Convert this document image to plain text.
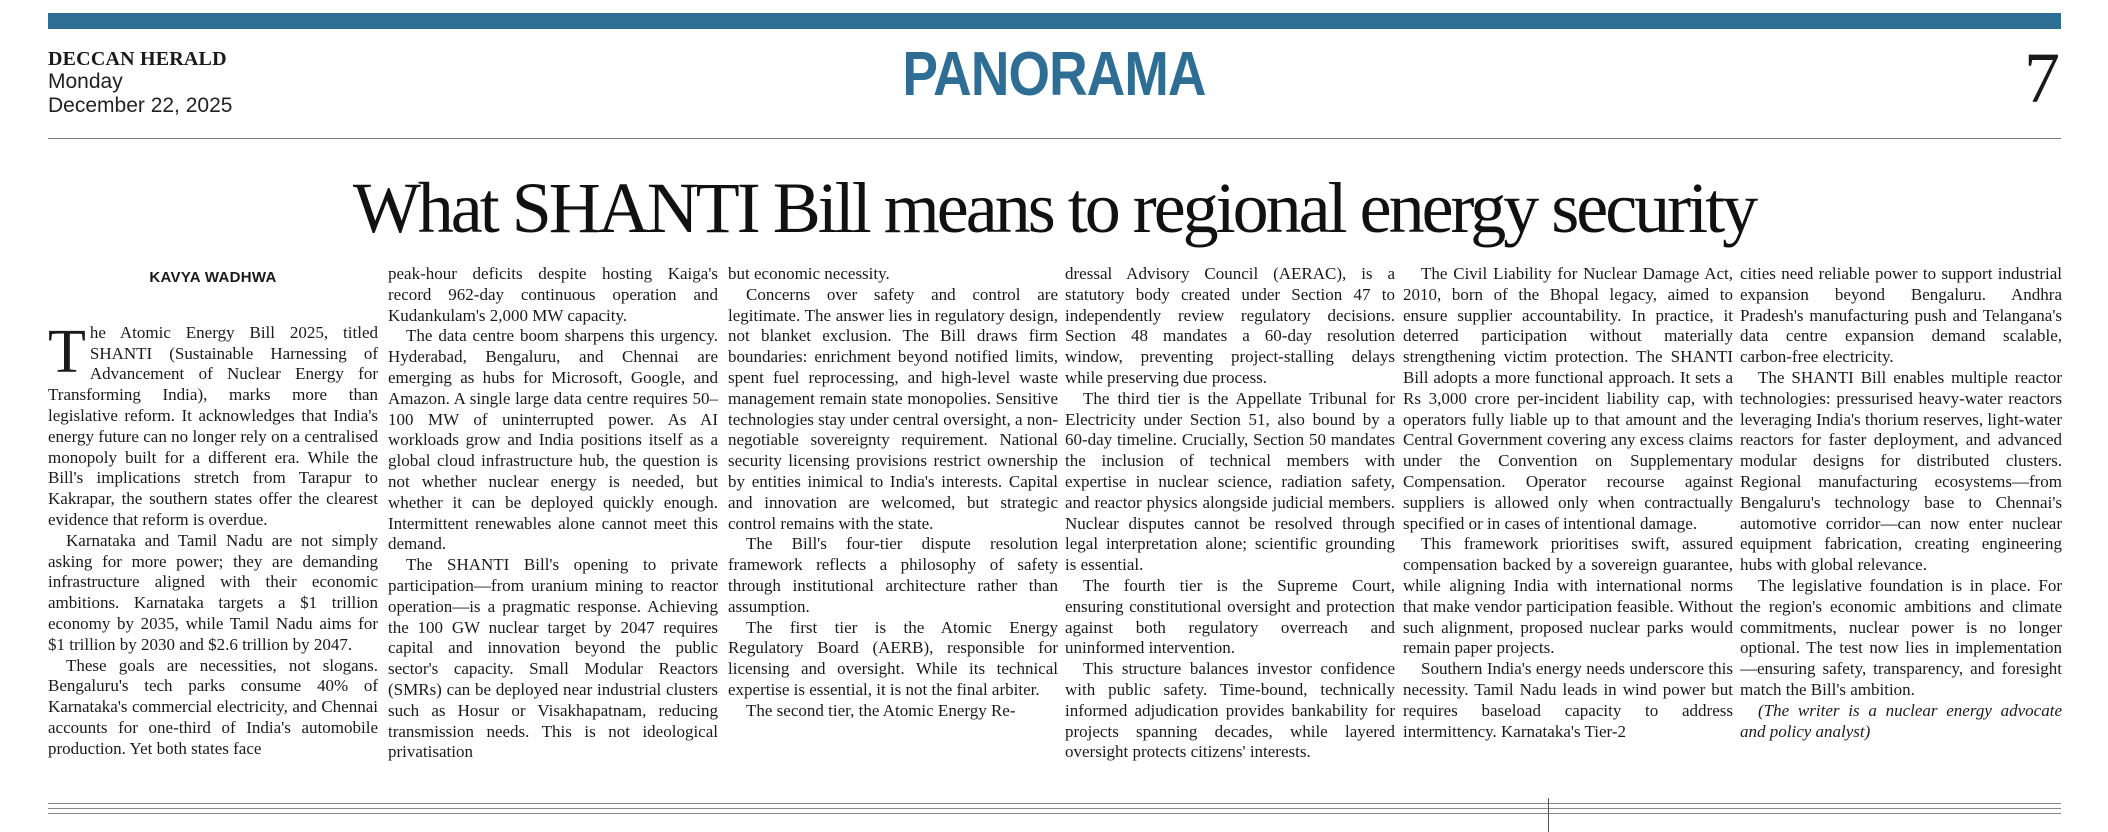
DECCAN HERALD
Monday
December 22, 2025	PANORAMA	7
What SHANTI Bill means to regional energy security
KAVYA WADHWA

The Atomic Energy Bill 2025, titled SHANTI (Sustainable Harnessing of Advancement of Nuclear Energy for Transforming India), marks more than legislative reform. It acknowledges that India's energy future can no longer rely on a centralised monopoly built for a different era. While the Bill's implications stretch from Tarapur to Kakrapar, the southern states offer the clearest evidence that reform is overdue.

Karnataka and Tamil Nadu are not simply asking for more power; they are demanding infrastructure aligned with their economic ambitions. Karnataka targets a $1 trillion economy by 2035, while Tamil Nadu aims for $1 trillion by 2030 and $2.6 trillion by 2047.

These goals are necessities, not slogans. Bengaluru's tech parks consume 40% of Karnataka's commercial electricity, and Chennai accounts for one-third of India's automobile production. Yet both states face

peak-hour deficits despite hosting Kaiga's record 962-day continuous operation and Kudankulam's 2,000 MW capacity.

The data centre boom sharpens this urgency. Hyderabad, Bengaluru, and Chennai are emerging as hubs for Microsoft, Google, and Amazon. A single large data centre requires 50–100 MW of uninterrupted power. As AI workloads grow and India positions itself as a global cloud infrastructure hub, the question is not whether nuclear energy is needed, but whether it can be deployed quickly enough. Intermittent renewables alone cannot meet this demand.

The SHANTI Bill's opening to private participation—from uranium mining to reactor operation—is a pragmatic response. Achieving the 100 GW nuclear target by 2047 requires capital and innovation beyond the public sector's capacity. Small Modular Reactors (SMRs) can be deployed near industrial clusters such as Hosur or Visakhapatnam, reducing transmission needs. This is not ideological privatisation

but economic necessity.

Concerns over safety and control are legitimate. The answer lies in regulatory design, not blanket exclusion. The Bill draws firm boundaries: enrichment beyond notified limits, spent fuel reprocessing, and high-level waste management remain state monopolies. Sensitive technologies stay under central oversight, a non-negotiable sovereignty requirement. National security licensing provisions restrict ownership by entities inimical to India's interests. Capital and innovation are welcomed, but strategic control remains with the state.

The Bill's four-tier dispute resolution framework reflects a philosophy of safety through institutional architecture rather than assumption.

The first tier is the Atomic Energy Regulatory Board (AERB), responsible for licensing and oversight. While its technical expertise is essential, it is not the final arbiter.

The second tier, the Atomic Energy Re-

dressal Advisory Council (AERAC), is a statutory body created under Section 47 to independently review regulatory decisions. Section 48 mandates a 60-day resolution window, preventing project-stalling delays while preserving due process.

The third tier is the Appellate Tribunal for Electricity under Section 51, also bound by a 60-day timeline. Crucially, Section 50 mandates the inclusion of technical members with expertise in nuclear science, radiation safety, and reactor physics alongside judicial members. Nuclear disputes cannot be resolved through legal interpretation alone; scientific grounding is essential.

The fourth tier is the Supreme Court, ensuring constitutional oversight and protection against both regulatory overreach and uninformed intervention.

This structure balances investor confidence with public safety. Time-bound, technically informed adjudication provides bankability for projects spanning decades, while layered oversight protects citizens' interests.

The Civil Liability for Nuclear Damage Act, 2010, born of the Bhopal legacy, aimed to ensure supplier accountability. In practice, it deterred participation without materially strengthening victim protection. The SHANTI Bill adopts a more functional approach. It sets a Rs 3,000 crore per-incident liability cap, with operators fully liable up to that amount and the Central Government covering any excess claims under the Convention on Supplementary Compensation. Operator recourse against suppliers is allowed only when contractually specified or in cases of intentional damage.

This framework prioritises swift, assured compensation backed by a sovereign guarantee, while aligning India with international norms that make vendor participation feasible. Without such alignment, proposed nuclear parks would remain paper projects.

Southern India's energy needs underscore this necessity. Tamil Nadu leads in wind power but requires baseload capacity to address intermittency. Karnataka's Tier-2

cities need reliable power to support industrial expansion beyond Bengaluru. Andhra Pradesh's manufacturing push and Telangana's data centre expansion demand scalable, carbon-free electricity.

The SHANTI Bill enables multiple reactor technologies: pressurised heavy-water reactors leveraging India's thorium reserves, light-water reactors for faster deployment, and advanced modular designs for distributed clusters. Regional manufacturing ecosystems—from Bengaluru's technology base to Chennai's automotive corridor—can now enter nuclear equipment fabrication, creating engineering hubs with global relevance.

The legislative foundation is in place. For the region's economic ambitions and climate commitments, nuclear power is no longer optional. The test now lies in implementation—ensuring safety, transparency, and foresight match the Bill's ambition.

(The writer is a nuclear energy advocate and policy analyst)
